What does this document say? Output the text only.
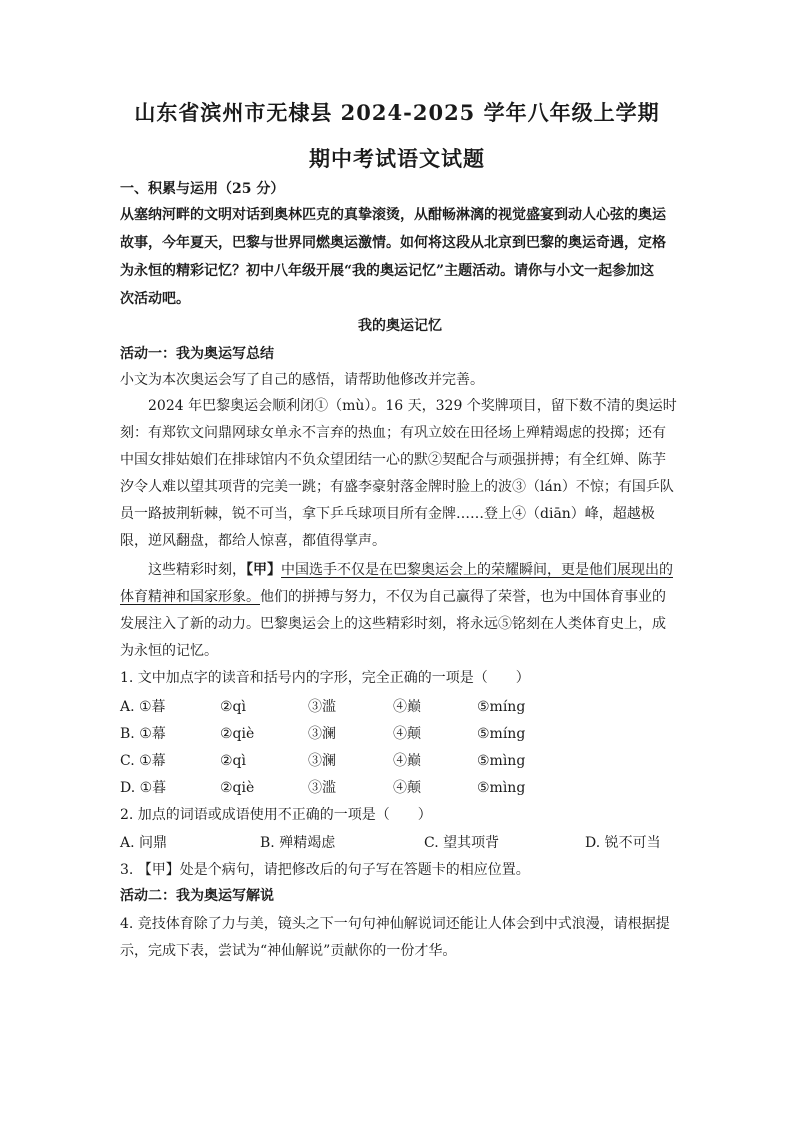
山东省滨州市无棣县 2024-2025 学年八年级上学期
期中考试语文试题
一、积累与运用（25 分）
从塞纳河畔的文明对话到奥林匹克的真挚滚烫，从酣畅淋漓的视觉盛宴到动人心弦的奥运
故事，今年夏天，巴黎与世界同燃奥运激情。如何将这段从北京到巴黎的奥运奇遇，定格
为永恒的精彩记忆？初中八年级开展“我的奥运记忆”主题活动。请你与小文一起参加这
次活动吧。
我的奥运记忆
活动一：我为奥运写总结
小文为本次奥运会写了自己的感悟，请帮助他修改并完善。
2024 年巴黎奥运会顺利闭①（mù）。16 天，329 个奖牌项目，留下数不清的奥运时
刻：有郑钦文问鼎网球女单永不言弃的热血；有巩立姣在田径场上殚精竭虑的投掷；还有
中国女排姑娘们在排球馆内不负众望团结一心的默②契配合与顽强拼搏；有全红婵、陈芋
汐令人难以望其项背的完美一跳；有盛李豪射落金牌时脸上的波③（lán）不惊；有国乒队
员一路披荆斩棘，锐不可当，拿下乒乓球项目所有金牌……登上④（diān）峰，超越极
限，逆风翻盘，都给人惊喜，都值得掌声。
这些精彩时刻，【甲】中国选手不仅是在巴黎奥运会上的荣耀瞬间，更是他们展现出的
体育精神和国家形象。他们的拼搏与努力，不仅为自己赢得了荣誉，也为中国体育事业的
发展注入了新的动力。巴黎奥运会上的这些精彩时刻，将永远⑤铭刻在人类体育史上，成
为永恒的记忆。
1. 文中加点字的读音和括号内的字形，完全正确的一项是（　　）
A. ①暮	②qì	③滥	④巅	⑤míng
B. ①幕	②qiè	③澜	④颠	⑤míng
C. ①幕	②qì	③澜	④巅	⑤mìng
D. ①暮	②qiè	③滥	④颠	⑤mìng
2. 加点的词语或成语使用不正确的一项是（　　）
A. 问鼎	B. 殚精竭虑	C. 望其项背	D. 锐不可当
3. 【甲】处是个病句，请把修改后的句子写在答题卡的相应位置。
活动二：我为奥运写解说
4. 竞技体育除了力与美，镜头之下一句句神仙解说词还能让人体会到中式浪漫，请根据提
示，完成下表，尝试为“神仙解说”贡献你的一份才华。
